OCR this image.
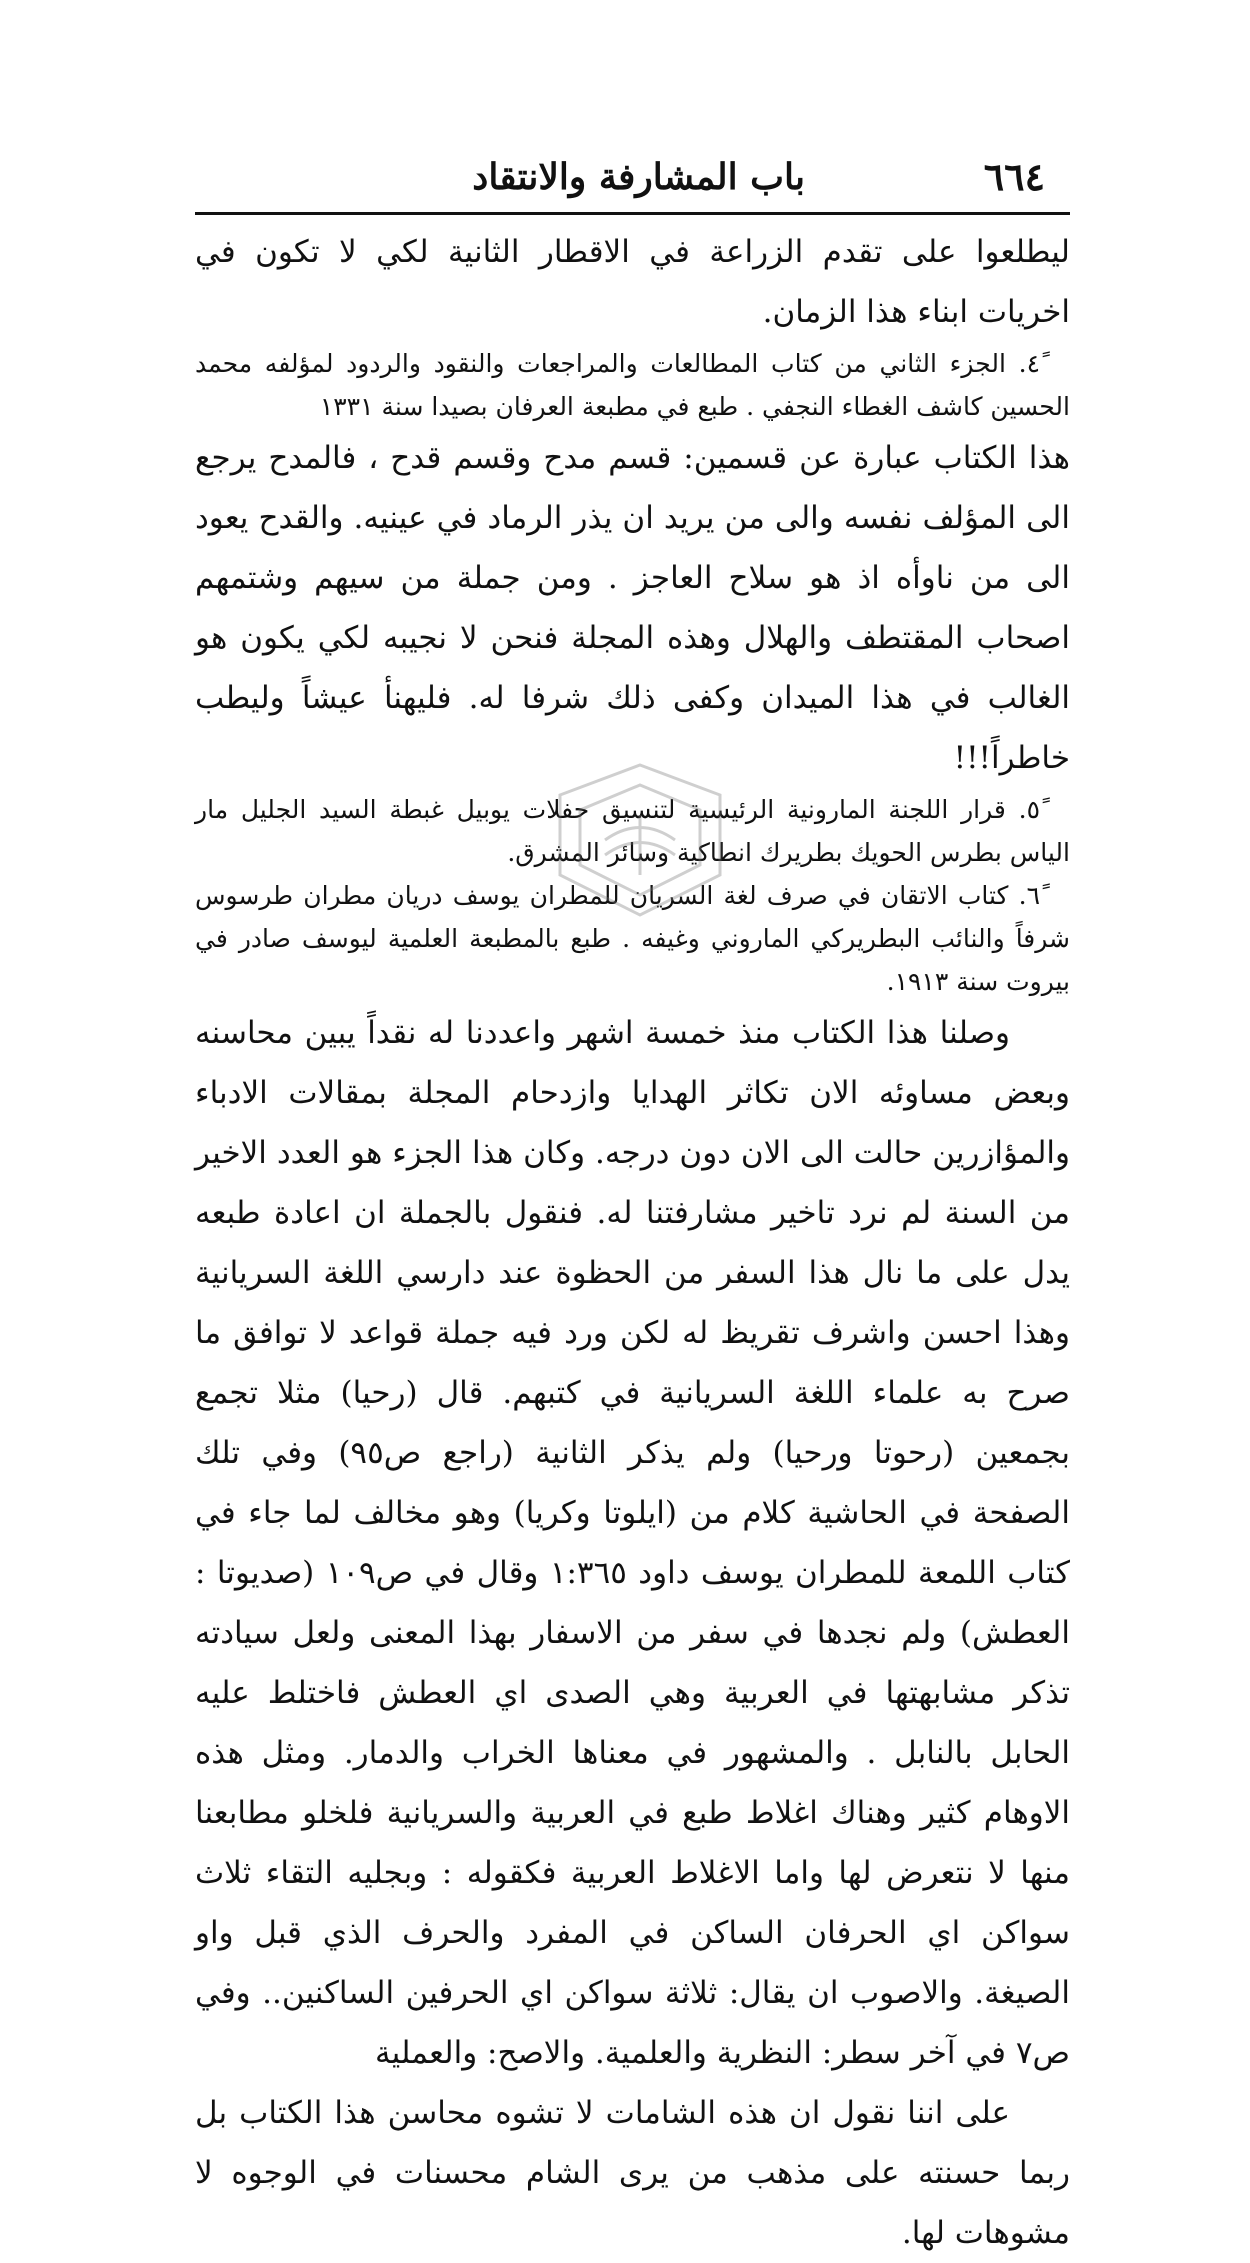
٦٦٤
باب المشارفة والانتقاد

ليطلعوا على تقدم الزراعة في الاقطار الثانية لكي لا تكون في اخريات ابناء هذا الزمان.

٤ً. الجزء الثاني من كتاب المطالعات والمراجعات والنقود والردود لمؤلفه محمد الحسين كاشف الغطاء النجفي . طبع في مطبعة العرفان بصيدا سنة ١٣٣١

هذا الكتاب عبارة عن قسمين: قسم مدح وقسم قدح ، فالمدح يرجع الى المؤلف نفسه والى من يريد ان يذر الرماد في عينيه. والقدح يعود الى من ناوأه اذ هو سلاح العاجز . ومن جملة من سيهم وشتمهم اصحاب المقتطف والهلال وهذه المجلة فنحن لا نجيبه لكي يكون هو الغالب في هذا الميدان وكفى ذلك شرفا له. فليهنأ عيشاً وليطب خاطراً!!!

٥ً. قرار اللجنة المارونية الرئيسية لتنسيق حفلات يوبيل غبطة السيد الجليل مار الياس بطرس الحويك بطريرك انطاكية وسائر المشرق.

٦ً. كتاب الاتقان في صرف لغة السريان للمطران يوسف دريان مطران طرسوس شرفاً والنائب البطريركي الماروني وغيفه . طبع بالمطبعة العلمية ليوسف صادر في بيروت سنة ١٩١٣.

وصلنا هذا الكتاب منذ خمسة اشهر واعددنا له نقداً يبين محاسنه وبعض مساوئه الان تكاثر الهدايا وازدحام المجلة بمقالات الادباء والمؤازرين حالت الى الان دون درجه. وكان هذا الجزء هو العدد الاخير من السنة لم نرد تاخير مشارفتنا له. فنقول بالجملة ان اعادة طبعه يدل على ما نال هذا السفر من الحظوة عند دارسي اللغة السريانية وهذا احسن واشرف تقريظ له لكن ورد فيه جملة قواعد لا توافق ما صرح به علماء اللغة السريانية في كتبهم. قال (رحيا) مثلا تجمع بجمعين (رحوتا ورحيا) ولم يذكر الثانية (راجع ص٩٥) وفي تلك الصفحة في الحاشية كلام من (ايلوتا وكريا) وهو مخالف لما جاء في كتاب اللمعة للمطران يوسف داود ١:٣٦٥ وقال في ص١٠٩ (صديوتا : العطش) ولم نجدها في سفر من الاسفار بهذا المعنى ولعل سيادته تذكر مشابهتها في العربية وهي الصدى اي العطش فاختلط عليه الحابل بالنابل . والمشهور في معناها الخراب والدمار. ومثل هذه الاوهام كثير وهناك اغلاط طبع في العربية والسريانية فلخلو مطابعنا منها لا نتعرض لها واما الاغلاط العربية فكقوله : وبجليه التقاء ثلاث سواكن اي الحرفان الساكن في المفرد والحرف الذي قبل واو الصيغة. والاصوب ان يقال: ثلاثة سواكن اي الحرفين الساكنين.. وفي ص٧ في آخر سطر: النظرية والعلمية. والاصح: والعملية

على اننا نقول ان هذه الشامات لا تشوه محاسن هذا الكتاب بل ربما حسنته على مذهب من يرى الشام محسنات في الوجوه لا مشوهات لها.
